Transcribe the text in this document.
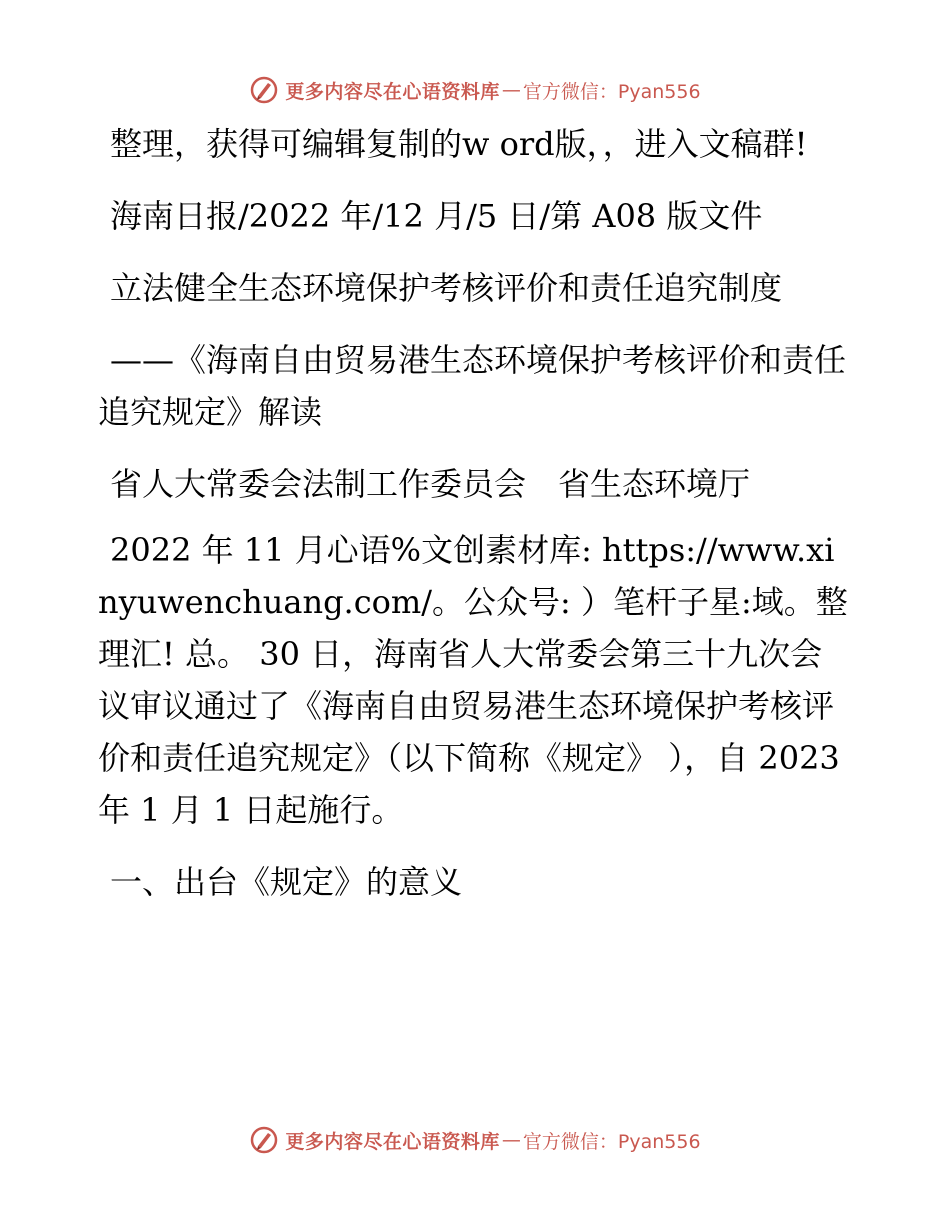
更多内容尽在心语资料库 — 官方微信：Pyan556

整理，获得可编辑复制的w ord版，，进入文稿群!

海南日报/2022 年/12 月/5 日/第 A08 版文件

立法健全生态环境保护考核评价和责任追究制度

——《海南自由贸易港生态环境保护考核评价和责任追究规定》解读

省人大常委会法制工作委员会　省生态环境厅

2022 年 11 月心语%文创素材库: https://www.xinyuwenchuang.com/。公众号: ）笔杆子星:域。整理汇! 总。 30 日，海南省人大常委会第三十九次会议审议通过了《海南自由贸易港生态环境保护考核评价和责任追究规定》（以下简称《规定》 ），自 2023 年 1 月 1 日起施行。

一、出台《规定》的意义

更多内容尽在心语资料库 — 官方微信：Pyan556
